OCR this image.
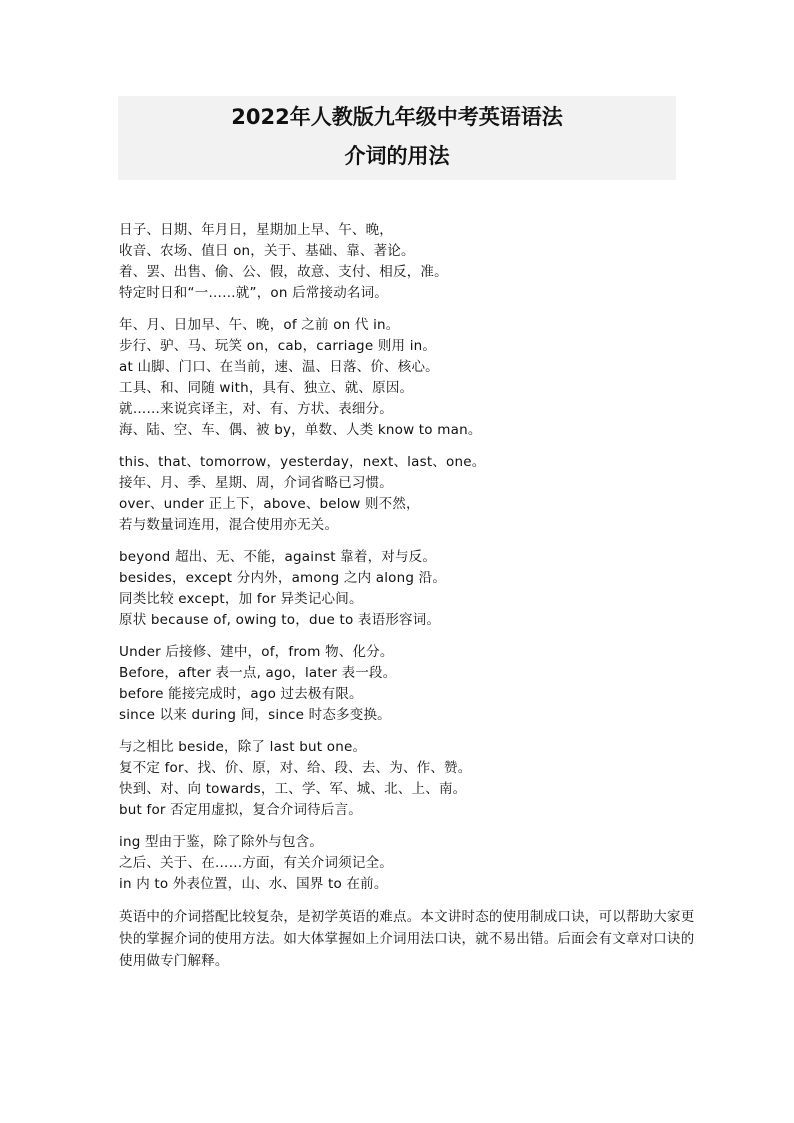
2022年人教版九年级中考英语语法

介词的用法

日子、日期、年月日，星期加上早、午、晚，
收音、农场、值日 on，关于、基础、靠、著论。
着、罢、出售、偷、公、假，故意、支付、相反，准。
特定时日和“一……就”，on 后常接动名词。
年、月、日加早、午、晚，of 之前 on 代 in。
步行、驴、马、玩笑 on，cab，carriage 则用 in。
at 山脚、门口、在当前，速、温、日落、价、核心。
工具、和、同随 with，具有、独立、就、原因。
就……来说宾译主，对、有、方状、表细分。
海、陆、空、车、偶、被 by，单数、人类 know to man。
this、that、tomorrow，yesterday，next、last、one。
接年、月、季、星期、周，介词省略已习惯。
over、under 正上下，above、below 则不然，
若与数量词连用，混合使用亦无关。
beyond 超出、无、不能，against 靠着，对与反。
besides，except 分内外，among 之内 along 沿。
同类比较 except，加 for 异类记心间。
原状 because of, owing to，due to 表语形容词。
Under 后接修、建中，of，from 物、化分。
Before，after 表一点, ago，later 表一段。
before 能接完成时，ago 过去极有限。
since 以来 during 间，since 时态多变换。
与之相比 beside，除了 last but one。
复不定 for、找、价、原，对、给、段、去、为、作、赞。
快到、对、向 towards，工、学、军、城、北、上、南。
but for 否定用虚拟，复合介词待后言。
ing 型由于鉴，除了除外与包含。
之后、关于、在……方面，有关介词须记全。
in 内 to 外表位置，山、水、国界 to 在前。
英语中的介词搭配比较复杂，是初学英语的难点。本文讲时态的使用制成口诀，可以帮助大家更快的掌握介词的使用方法。如大体掌握如上介词用法口诀，就不易出错。后面会有文章对口诀的使用做专门解释。
